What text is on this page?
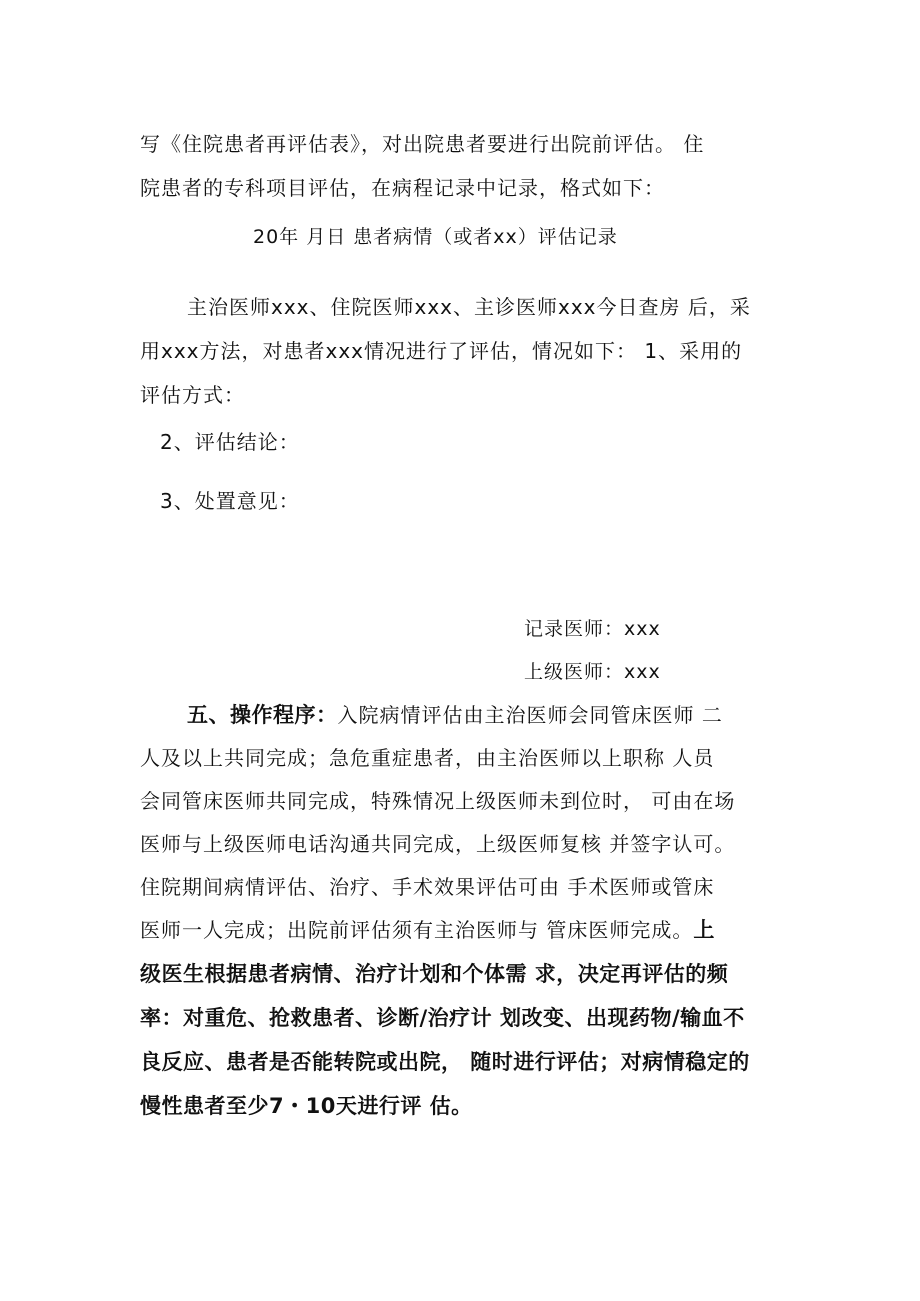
写《住院患者再评估表》，对出院患者要进行出院前评估。 住
院患者的专科项目评估，在病程记录中记录，格式如下：
20年 月日 患者病情（或者xx）评估记录
主治医师xxx、住院医师xxx、主诊医师xxx今日查房 后，采
用xxx方法，对患者xxx情况进行了评估，情况如下： 1、采用的
评估方式：
2、评估结论：
3、处置意见：
记录医师：xxx
上级医师：xxx
五、操作程序：入院病情评估由主治医师会同管床医师 二
人及以上共同完成；急危重症患者，由主治医师以上职称 人员
会同管床医师共同完成，特殊情况上级医师未到位时， 可由在场
医师与上级医师电话沟通共同完成，上级医师复核 并签字认可。
住院期间病情评估、治疗、手术效果评估可由 手术医师或管床
医师一人完成；出院前评估须有主治医师与 管床医师完成。上
级医生根据患者病情、治疗计划和个体需 求，决定再评估的频
率：对重危、抢救患者、诊断/治疗计 划改变、出现药物/输血不
良反应、患者是否能转院或出院， 随时进行评估；对病情稳定的
慢性患者至少7・10天进行评 估。
